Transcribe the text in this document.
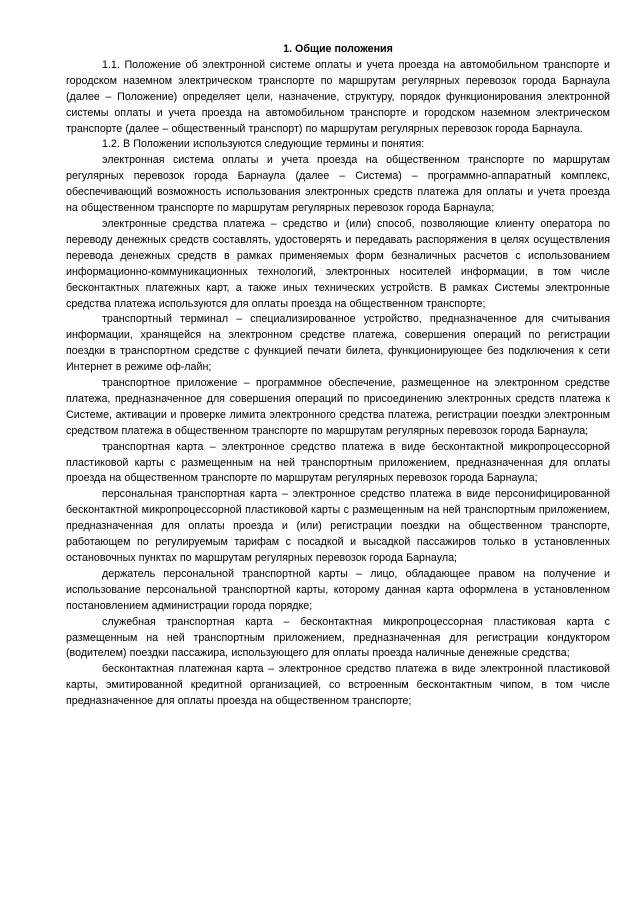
1. Общие положения

1.1. Положение об электронной системе оплаты и учета проезда на автомобильном транспорте и городском наземном электрическом транспорте по маршрутам регулярных перевозок города Барнаула (далее – Положение) определяет цели, назначение, структуру, порядок функционирования электронной системы оплаты и учета проезда на автомобильном транспорте и городском наземном электрическом транспорте (далее – общественный транспорт) по маршрутам регулярных перевозок города Барнаула.

1.2. В Положении используются следующие термины и понятия:

электронная система оплаты и учета проезда на общественном транспорте по маршрутам регулярных перевозок города Барнаула (далее – Система) – программно-аппаратный комплекс, обеспечивающий возможность использования электронных средств платежа для оплаты и учета проезда на общественном транспорте по маршрутам регулярных перевозок города Барнаула;

электронные средства платежа – средство и (или) способ, позволяющие клиенту оператора по переводу денежных средств составлять, удостоверять и передавать распоряжения в целях осуществления перевода денежных средств в рамках применяемых форм безналичных расчетов с использованием информационно-коммуникационных технологий, электронных носителей информации, в том числе бесконтактных платежных карт, а также иных технических устройств. В рамках Системы электронные средства платежа используются для оплаты проезда на общественном транспорте;

транспортный терминал – специализированное устройство, предназначенное для считывания информации, хранящейся на электронном средстве платежа, совершения операций по регистрации поездки в транспортном средстве с функцией печати билета, функционирующее без подключения к сети Интернет в режиме оф-лайн;

транспортное приложение – программное обеспечение, размещенное на электронном средстве платежа, предназначенное для совершения операций по присоединению электронных средств платежа к Системе, активации и проверке лимита электронного средства платежа, регистрации поездки электронным средством платежа в общественном транспорте по маршрутам регулярных перевозок города Барнаула;

транспортная карта – электронное средство платежа в виде бесконтактной микропроцессорной пластиковой карты с размещенным на ней транспортным приложением, предназначенная для оплаты проезда на общественном транспорте по маршрутам регулярных перевозок города Барнаула;

персональная транспортная карта – электронное средство платежа в виде персонифицированной бесконтактной микропроцессорной пластиковой карты с размещенным на ней транспортным приложением, предназначенная для оплаты проезда и (или) регистрации поездки на общественном транспорте, работающем по регулируемым тарифам с посадкой и высадкой пассажиров только в установленных остановочных пунктах по маршрутам регулярных перевозок города Барнаула;

держатель персональной транспортной карты – лицо, обладающее правом на получение и использование персональной транспортной карты, которому данная карта оформлена в установленном постановлением администрации города порядке;

служебная транспортная карта – бесконтактная микропроцессорная пластиковая карта с размещенным на ней транспортным приложением, предназначенная для регистрации кондуктором (водителем) поездки пассажира, использующего для оплаты проезда наличные денежные средства;

бесконтактная платежная карта – электронное средство платежа в виде электронной пластиковой карты, эмитированной кредитной организацией, со встроенным бесконтактным чипом, в том числе предназначенное для оплаты проезда на общественном транспорте;
